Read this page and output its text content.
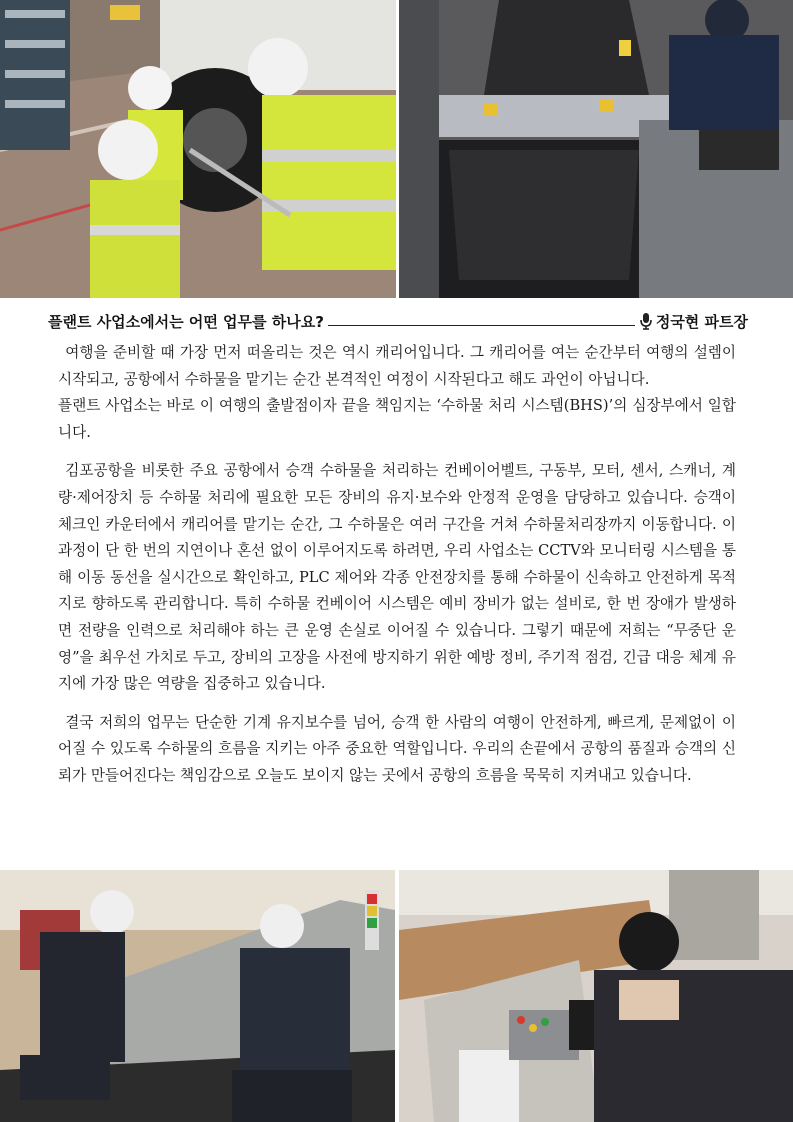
플랜트 사업소에서는 어떤 업무를 하나요?	정국현 파트장

여행을 준비할 때 가장 먼저 떠올리는 것은 역시 캐리어입니다. 그 캐리어를 여는 순간부터 여행의 설렘이 시작되고, 공항에서 수하물을 맡기는 순간 본격적인 여정이 시작된다고 해도 과언이 아닙니다.

플랜트 사업소는 바로 이 여행의 출발점이자 끝을 책임지는 ‘수하물 처리 시스템(BHS)’의 심장부에서 일합니다.

김포공항을 비롯한 주요 공항에서 승객 수하물을 처리하는 컨베이어벨트, 구동부, 모터, 센서, 스캐너, 계량·제어장치 등 수하물 처리에 필요한 모든 장비의 유지·보수와 안정적 운영을 담당하고 있습니다. 승객이 체크인 카운터에서 캐리어를 맡기는 순간, 그 수하물은 여러 구간을 거쳐 수하물처리장까지 이동합니다. 이 과정이 단 한 번의 지연이나 혼선 없이 이루어지도록 하려면, 우리 사업소는 CCTV와 모니터링 시스템을 통해 이동 동선을 실시간으로 확인하고, PLC 제어와 각종 안전장치를 통해 수하물이 신속하고 안전하게 목적지로 향하도록 관리합니다. 특히 수하물 컨베이어 시스템은 예비 장비가 없는 설비로, 한 번 장애가 발생하면 전량을 인력으로 처리해야 하는 큰 운영 손실로 이어질 수 있습니다. 그렇기 때문에 저희는 “무중단 운영”을 최우선 가치로 두고, 장비의 고장을 사전에 방지하기 위한 예방 정비, 주기적 점검, 긴급 대응 체계 유지에 가장 많은 역량을 집중하고 있습니다.

결국 저희의 업무는 단순한 기계 유지보수를 넘어, 승객 한 사람의 여행이 안전하게, 빠르게, 문제없이 이어질 수 있도록 수하물의 흐름을 지키는 아주 중요한 역할입니다. 우리의 손끝에서 공항의 품질과 승객의 신뢰가 만들어진다는 책임감으로 오늘도 보이지 않는 곳에서 공항의 흐름을 묵묵히 지켜내고 있습니다.
